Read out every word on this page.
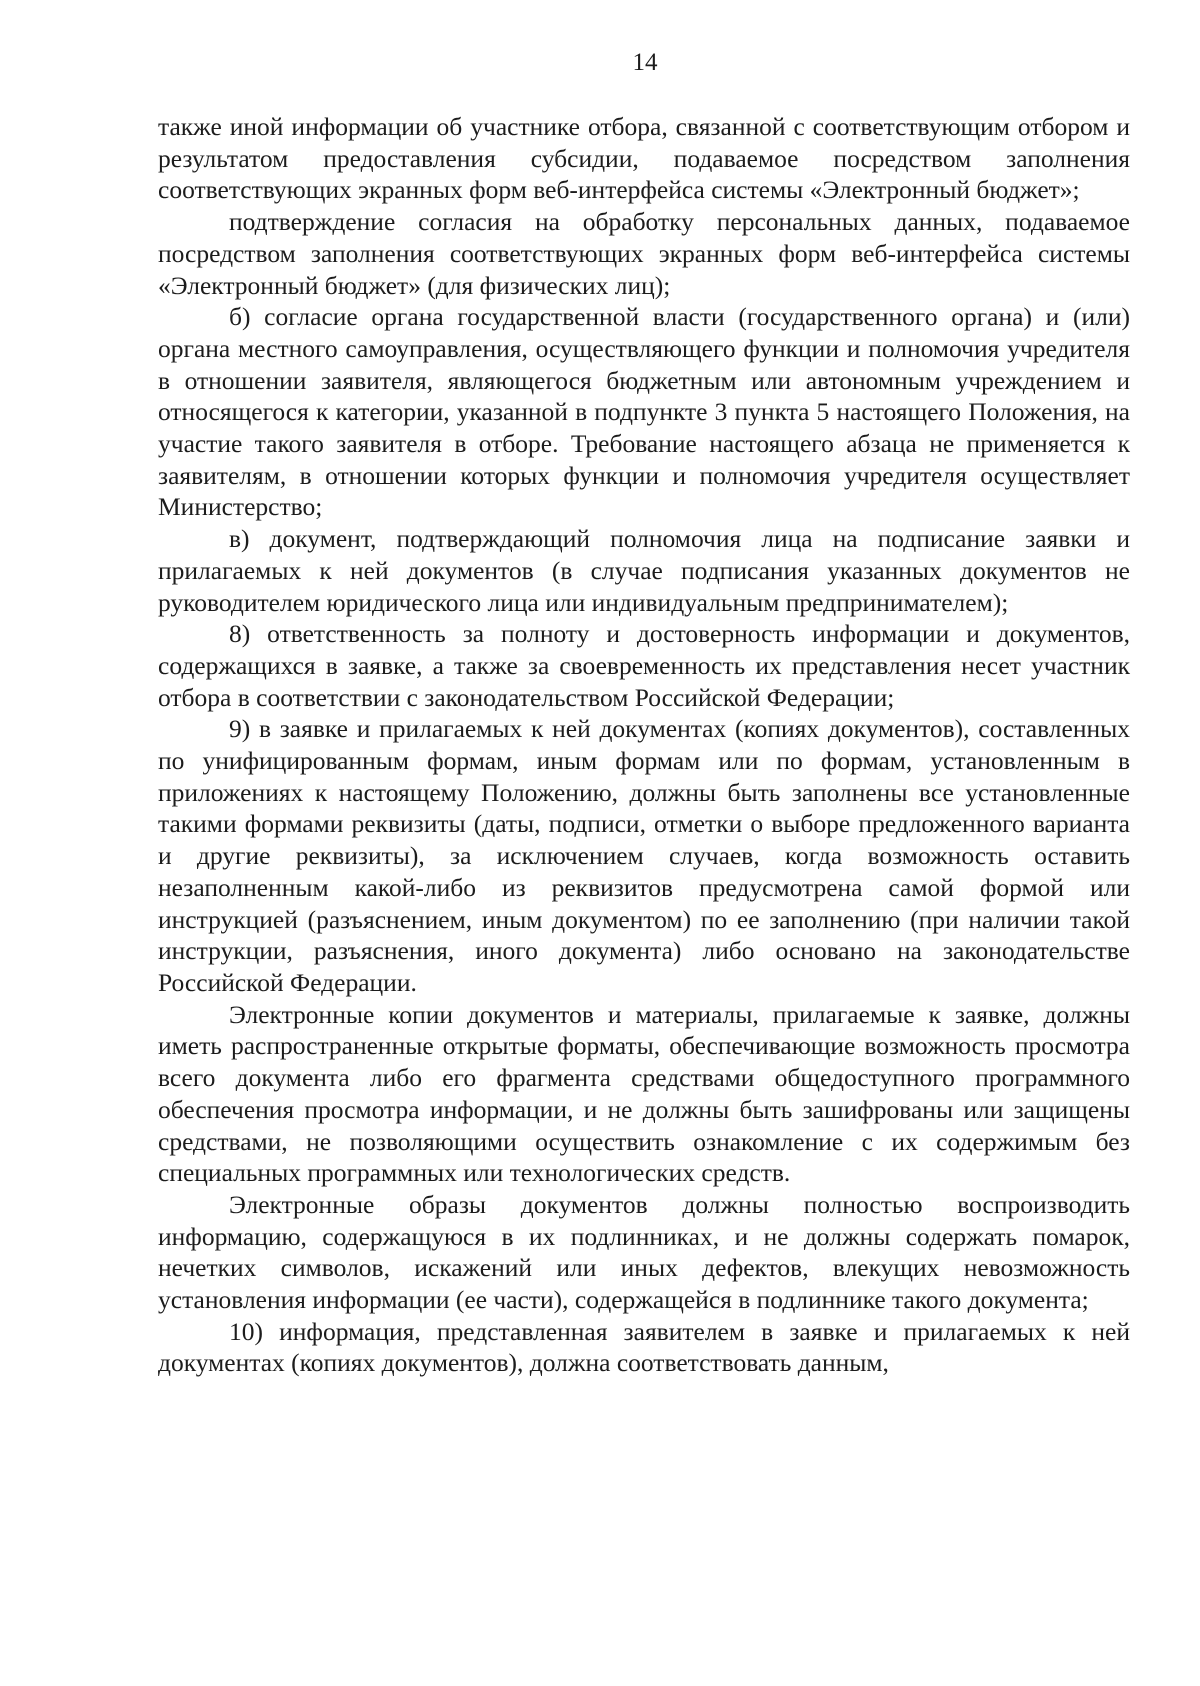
14

также иной информации об участнике отбора, связанной с соответствующим отбором и результатом предоставления субсидии, подаваемое посредством заполнения соответствующих экранных форм веб-интерфейса системы «Электронный бюджет»;

подтверждение согласия на обработку персональных данных, подаваемое посредством заполнения соответствующих экранных форм веб-интерфейса системы «Электронный бюджет» (для физических лиц);

б) согласие органа государственной власти (государственного органа) и (или) органа местного самоуправления, осуществляющего функции и полномочия учредителя в отношении заявителя, являющегося бюджетным или автономным учреждением и относящегося к категории, указанной в подпункте 3 пункта 5 настоящего Положения, на участие такого заявителя в отборе. Требование настоящего абзаца не применяется к заявителям, в отношении которых функции и полномочия учредителя осуществляет Министерство;

в) документ, подтверждающий полномочия лица на подписание заявки и прилагаемых к ней документов (в случае подписания указанных документов не руководителем юридического лица или индивидуальным предпринимателем);

8) ответственность за полноту и достоверность информации и документов, содержащихся в заявке, а также за своевременность их представления несет участник отбора в соответствии с законодательством Российской Федерации;

9) в заявке и прилагаемых к ней документах (копиях документов), составленных по унифицированным формам, иным формам или по формам, установленным в приложениях к настоящему Положению, должны быть заполнены все установленные такими формами реквизиты (даты, подписи, отметки о выборе предложенного варианта и другие реквизиты), за исключением случаев, когда возможность оставить незаполненным какой-либо из реквизитов предусмотрена самой формой или инструкцией (разъяснением, иным документом) по ее заполнению (при наличии такой инструкции, разъяснения, иного документа) либо основано на законодательстве Российской Федерации.

Электронные копии документов и материалы, прилагаемые к заявке, должны иметь распространенные открытые форматы, обеспечивающие возможность просмотра всего документа либо его фрагмента средствами общедоступного программного обеспечения просмотра информации, и не должны быть зашифрованы или защищены средствами, не позволяющими осуществить ознакомление с их содержимым без специальных программных или технологических средств.

Электронные образы документов должны полностью воспроизводить информацию, содержащуюся в их подлинниках, и не должны содержать помарок, нечетких символов, искажений или иных дефектов, влекущих невозможность установления информации (ее части), содержащейся в подлиннике такого документа;

10) информация, представленная заявителем в заявке и прилагаемых к ней документах (копиях документов), должна соответствовать данным,
